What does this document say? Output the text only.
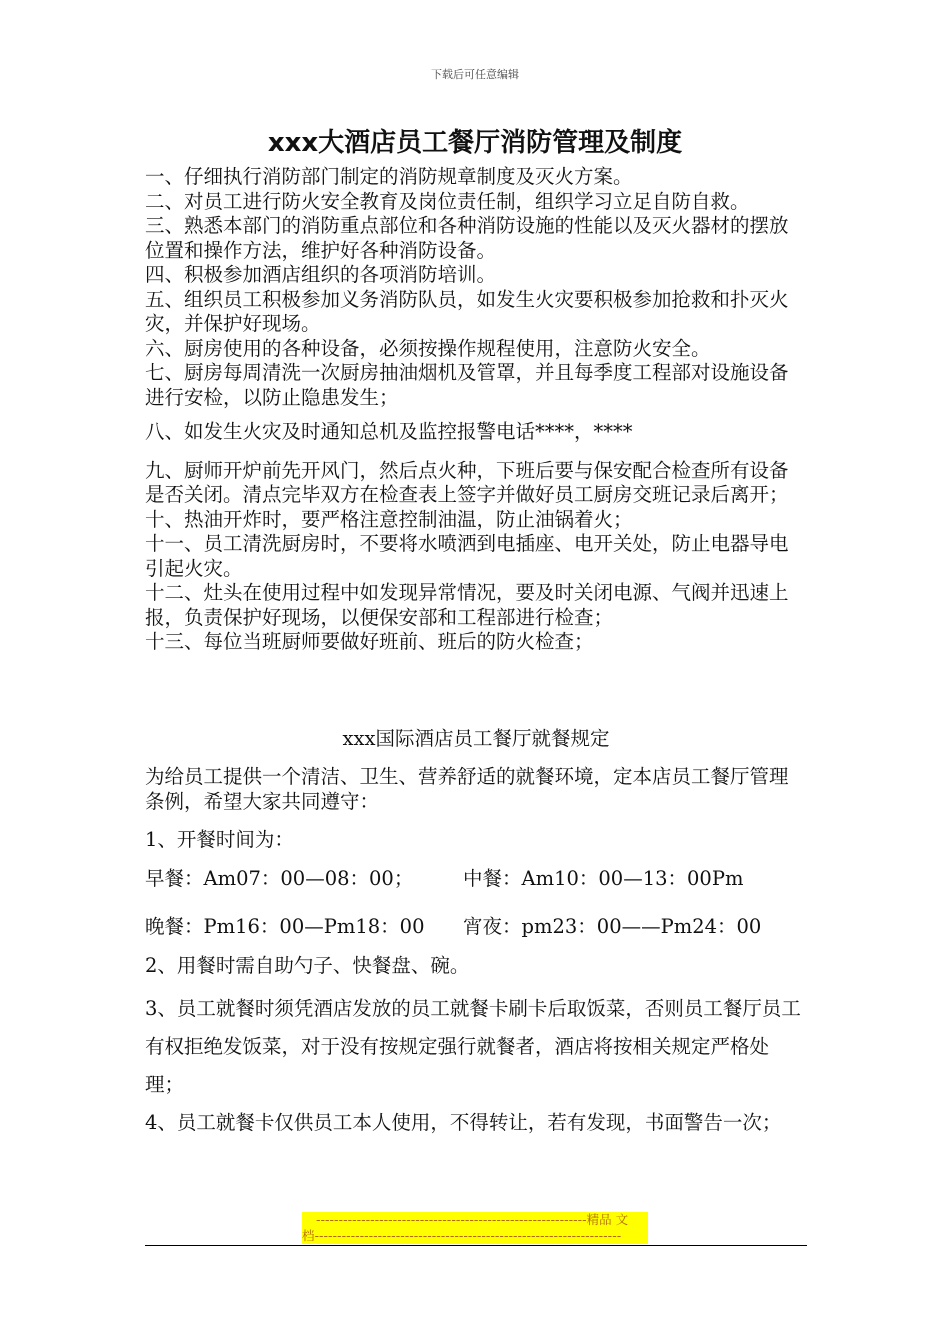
下载后可任意编辑
xxx大酒店员工餐厅消防管理及制度

一、仔细执行消防部门制定的消防规章制度及灭火方案。

二、对员工进行防火安全教育及岗位责任制，组织学习立足自防自救。

三、熟悉本部门的消防重点部位和各种消防设施的性能以及灭火器材的摆放位置和操作方法，维护好各种消防设备。

四、积极参加酒店组织的各项消防培训。

五、组织员工积极参加义务消防队员，如发生火灾要积极参加抢救和扑灭火灾，并保护好现场。

六、厨房使用的各种设备，必须按操作规程使用，注意防火安全。

七、厨房每周清洗一次厨房抽油烟机及管罩，并且每季度工程部对设施设备进行安检，以防止隐患发生；

八、如发生火灾及时通知总机及监控报警电话****，****

九、厨师开炉前先开风门，然后点火种，下班后要与保安配合检查所有设备是否关闭。清点完毕双方在检查表上签字并做好员工厨房交班记录后离开；

十、热油开炸时，要严格注意控制油温，防止油锅着火；

十一、员工清洗厨房时，不要将水喷洒到电插座、电开关处，防止电器导电引起火灾。

十二、灶头在使用过程中如发现异常情况，要及时关闭电源、气阀并迅速上报，负责保护好现场，以便保安部和工程部进行检查；

十三、每位当班厨师要做好班前、班后的防火检查；

xxx国际酒店员工餐厅就餐规定

为给员工提供一个清洁、卫生、营养舒适的就餐环境，定本店员工餐厅管理条例，希望大家共同遵守：

1、开餐时间为：

早餐：Am07：00—08：00；	中餐：Am10：00—13：00Pm
晚餐：Pm16：00—Pm18：00	宵夜：pm23：00——Pm24：00

2、用餐时需自助勺子、快餐盘、碗。

3、员工就餐时须凭酒店发放的员工就餐卡刷卡后取饭菜，否则员工餐厅员工有权拒绝发饭菜，对于没有按规定强行就餐者，酒店将按相关规定严格处理；

4、员工就餐卡仅供员工本人使用，不得转让，若有发现，书面警告一次；

------------------------------------------------------------精品 文
档--------------------------------------------------------------------
